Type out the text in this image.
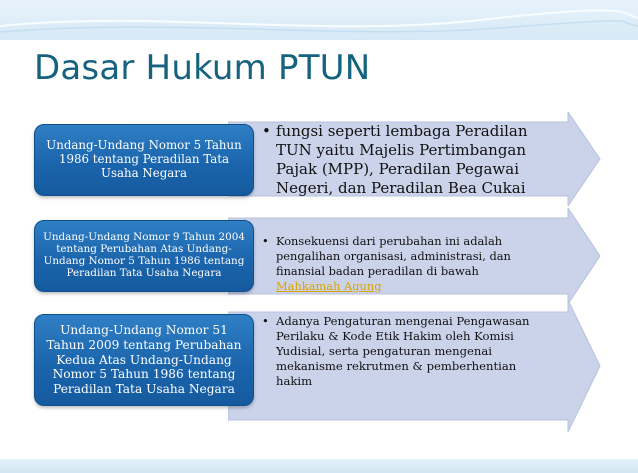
Dasar Hukum PTUN
Undang-Undang Nomor 5 Tahun 1986 tentang Peradilan Tata Usaha Negara
• fungsi seperti lembaga Peradilan TUN yaitu Majelis Pertimbangan Pajak (MPP), Peradilan Pegawai Negeri, dan Peradilan Bea Cukai
Undang-Undang Nomor 9 Tahun 2004 tentang Perubahan Atas Undang-Undang Nomor 5 Tahun 1986 tentang Peradilan Tata Usaha Negara
• Konsekuensi dari perubahan ini adalah pengalihan organisasi, administrasi, dan finansial badan peradilan di bawah Mahkamah Agung
Undang-Undang Nomor 51 Tahun 2009 tentang Perubahan Kedua Atas Undang-Undang Nomor 5 Tahun 1986 tentang Peradilan Tata Usaha Negara
• Adanya Pengaturan mengenai Pengawasan Perilaku & Kode Etik Hakim oleh Komisi Yudisial, serta pengaturan mengenai mekanisme rekrutmen & pemberhentian hakim
